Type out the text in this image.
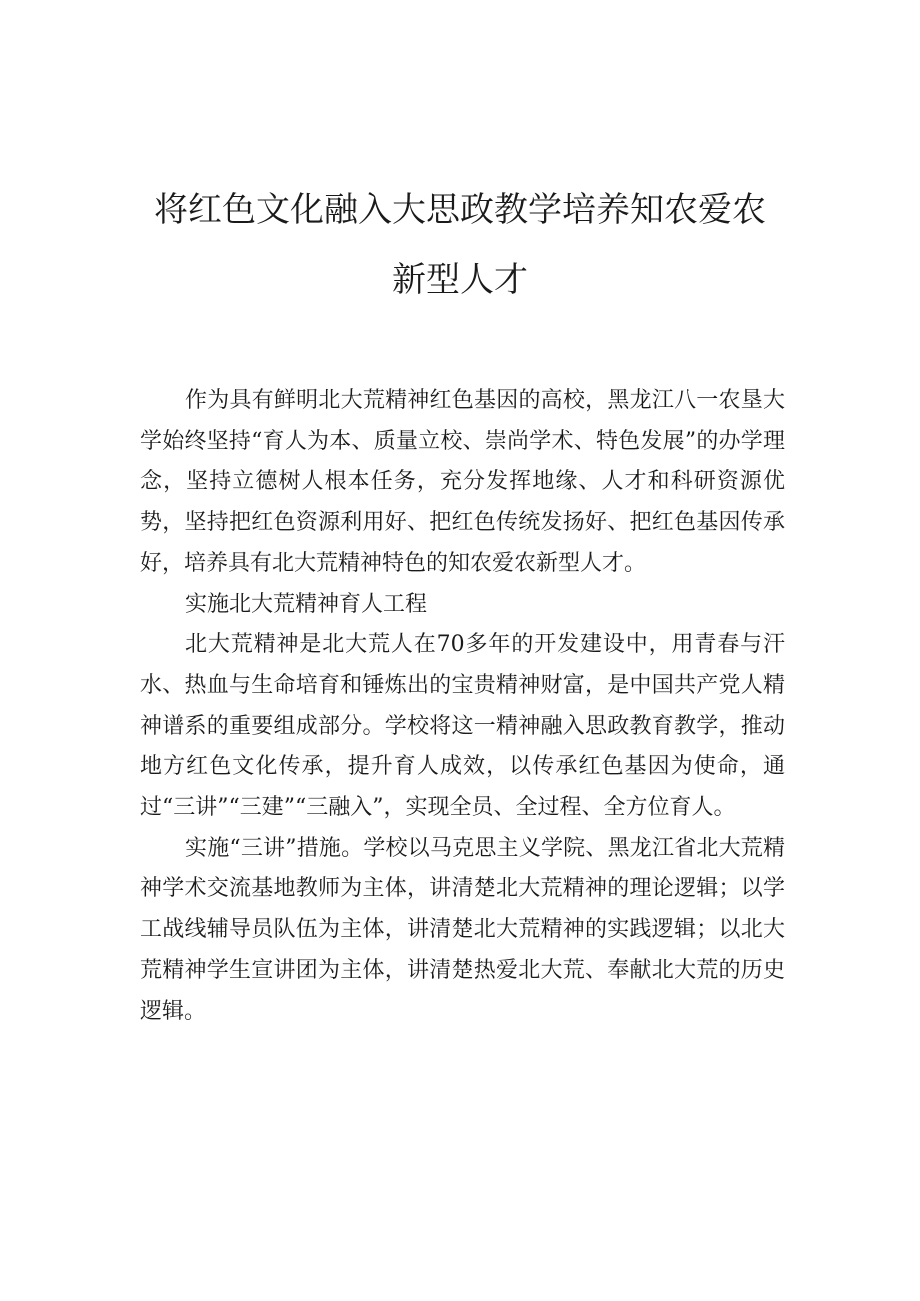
将红色文化融入大思政教学培养知农爱农
新型人才

作为具有鲜明北大荒精神红色基因的高校，黑龙江八一农垦大学始终坚持“育人为本、质量立校、崇尚学术、特色发展”的办学理念，坚持立德树人根本任务，充分发挥地缘、人才和科研资源优势，坚持把红色资源利用好、把红色传统发扬好、把红色基因传承好，培养具有北大荒精神特色的知农爱农新型人才。

实施北大荒精神育人工程

北大荒精神是北大荒人在70多年的开发建设中，用青春与汗水、热血与生命培育和锤炼出的宝贵精神财富，是中国共产党人精神谱系的重要组成部分。学校将这一精神融入思政教育教学，推动地方红色文化传承，提升育人成效，以传承红色基因为使命，通过“三讲”“三建”“三融入”，实现全员、全过程、全方位育人。

实施“三讲”措施。学校以马克思主义学院、黑龙江省北大荒精神学术交流基地教师为主体，讲清楚北大荒精神的理论逻辑；以学工战线辅导员队伍为主体，讲清楚北大荒精神的实践逻辑；以北大荒精神学生宣讲团为主体，讲清楚热爱北大荒、奉献北大荒的历史逻辑。
